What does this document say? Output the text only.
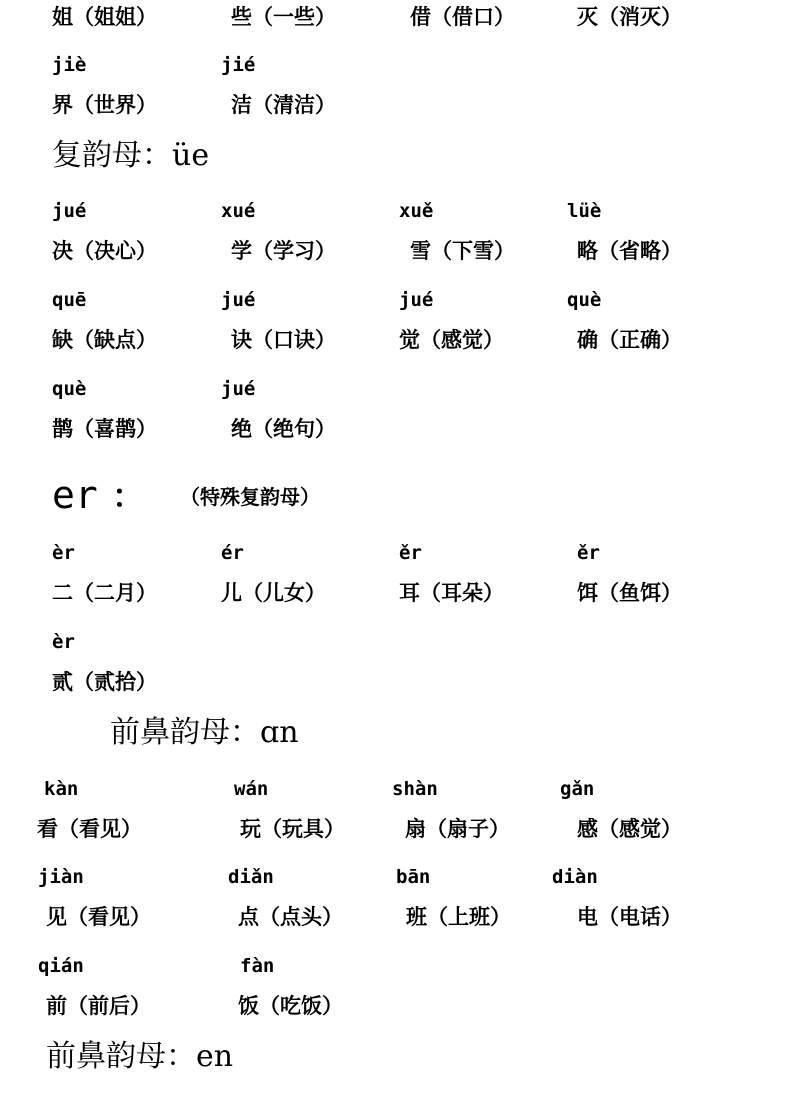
姐（姐姐）	些（一些）	借（借口）	灭（消灭）
jiè	jié
界（世界）	洁（清洁）
复韵母：üe
jué	xué	xuě	lüè
决（决心）	学（学习）	雪（下雪）	略（省略）
quē	jué	jué	què
缺（缺点）	诀（口诀）	觉（感觉）	确（正确）
què	jué
鹊（喜鹊）	绝（绝句）
er ： （特殊复韵母）
èr	ér	ěr	ěr
二（二月）	儿（儿女）	耳（耳朵）	饵（鱼饵）
èr
贰（贰拾）
前鼻韵母：ɑn
kàn	wán	shàn	gǎn
看（看见）	玩（玩具）	扇（扇子）	感（感觉）
jiàn	diǎn	bān	diàn
见（看见）	点（点头）	班（上班）	电（电话）
qián	fàn
前（前后）	饭（吃饭）
前鼻韵母：en
